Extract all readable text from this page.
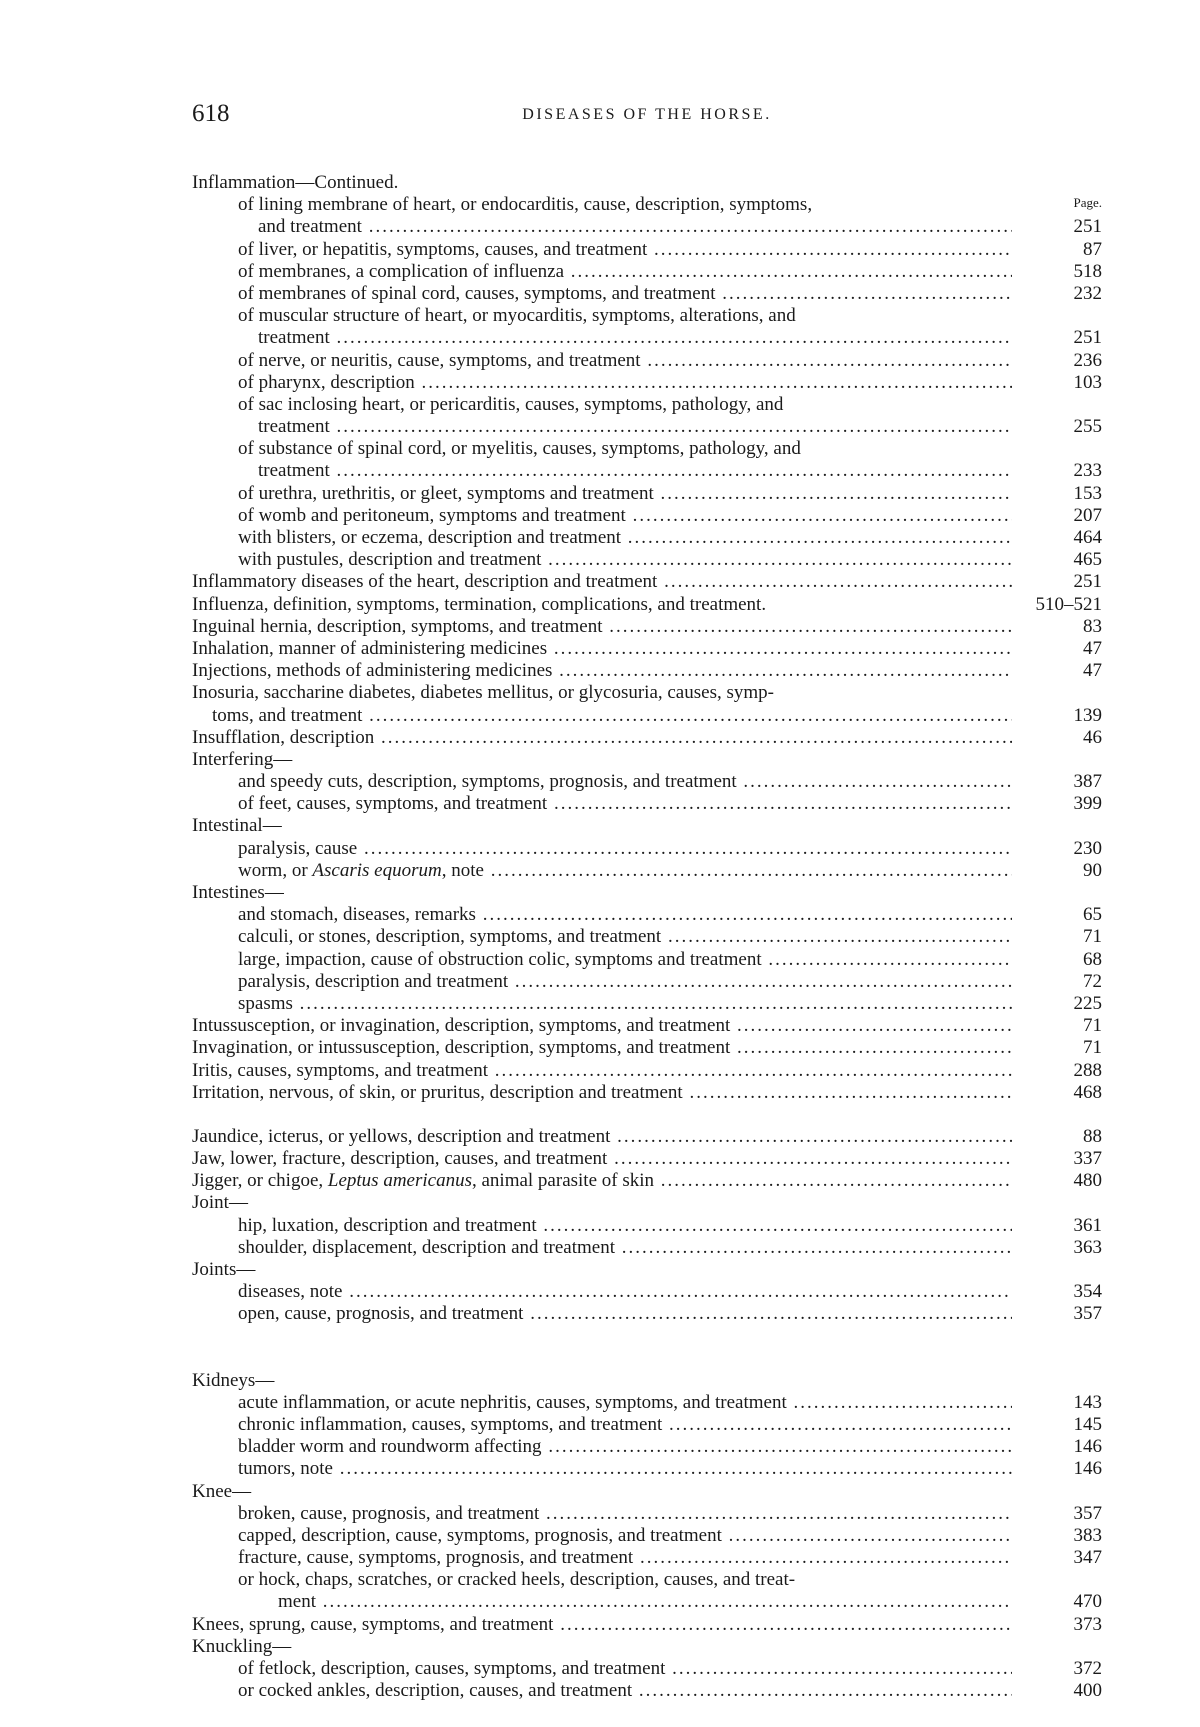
618	DISEASES OF THE HORSE.
Inflammation—Continued.
of lining membrane of heart, or endocarditis, cause, description, symptoms,	Page.
and treatment .....	251
of liver, or hepatitis, symptoms, causes, and treatment .....	87
of membranes, a complication of influenza .....	518
of membranes of spinal cord, causes, symptoms, and treatment .....	232
of muscular structure of heart, or myocarditis, symptoms, alterations, and
treatment .....	251
of nerve, or neuritis, cause, symptoms, and treatment .....	236
of pharynx, description .....	103
of sac inclosing heart, or pericarditis, causes, symptoms, pathology, and
treatment .....	255
of substance of spinal cord, or myelitis, causes, symptoms, pathology, and
treatment .....	233
of urethra, urethritis, or gleet, symptoms and treatment .....	153
of womb and peritoneum, symptoms and treatment .....	207
with blisters, or eczema, description and treatment .....	464
with pustules, description and treatment .....	465
Inflammatory diseases of the heart, description and treatment .....	251
Influenza, definition, symptoms, termination, complications, and treatment.	510–521
Inguinal hernia, description, symptoms, and treatment .....	83
Inhalation, manner of administering medicines .....	47
Injections, methods of administering medicines .....	47
Inosuria, saccharine diabetes, diabetes mellitus, or glycosuria, causes, symp-
toms, and treatment .....	139
Insufflation, description .....	46
Interfering—
and speedy cuts, description, symptoms, prognosis, and treatment .....	387
of feet, causes, symptoms, and treatment .....	399
Intestinal—
paralysis, cause .....	230
worm, or Ascaris equorum, note .....	90
Intestines—
and stomach, diseases, remarks .....	65
calculi, or stones, description, symptoms, and treatment .....	71
large, impaction, cause of obstruction colic, symptoms and treatment .....	68
paralysis, description and treatment .....	72
spasms .....	225
Intussusception, or invagination, description, symptoms, and treatment .....	71
Invagination, or intussusception, description, symptoms, and treatment .....	71
Iritis, causes, symptoms, and treatment .....	288
Irritation, nervous, of skin, or pruritus, description and treatment .....	468
Jaundice, icterus, or yellows, description and treatment .....	88
Jaw, lower, fracture, description, causes, and treatment .....	337
Jigger, or chigoe, Leptus americanus, animal parasite of skin .....	480
Joint—
hip, luxation, description and treatment .....	361
shoulder, displacement, description and treatment .....	363
Joints—
diseases, note .....	354
open, cause, prognosis, and treatment .....	357
Kidneys—
acute inflammation, or acute nephritis, causes, symptoms, and treatment .....	143
chronic inflammation, causes, symptoms, and treatment .....	145
bladder worm and roundworm affecting .....	146
tumors, note .....	146
Knee—
broken, cause, prognosis, and treatment .....	357
capped, description, cause, symptoms, prognosis, and treatment .....	383
fracture, cause, symptoms, prognosis, and treatment .....	347
or hock, chaps, scratches, or cracked heels, description, causes, and treat-
ment .....	470
Knees, sprung, cause, symptoms, and treatment .....	373
Knuckling—
of fetlock, description, causes, symptoms, and treatment .....	372
or cocked ankles, description, causes, and treatment .....	400
